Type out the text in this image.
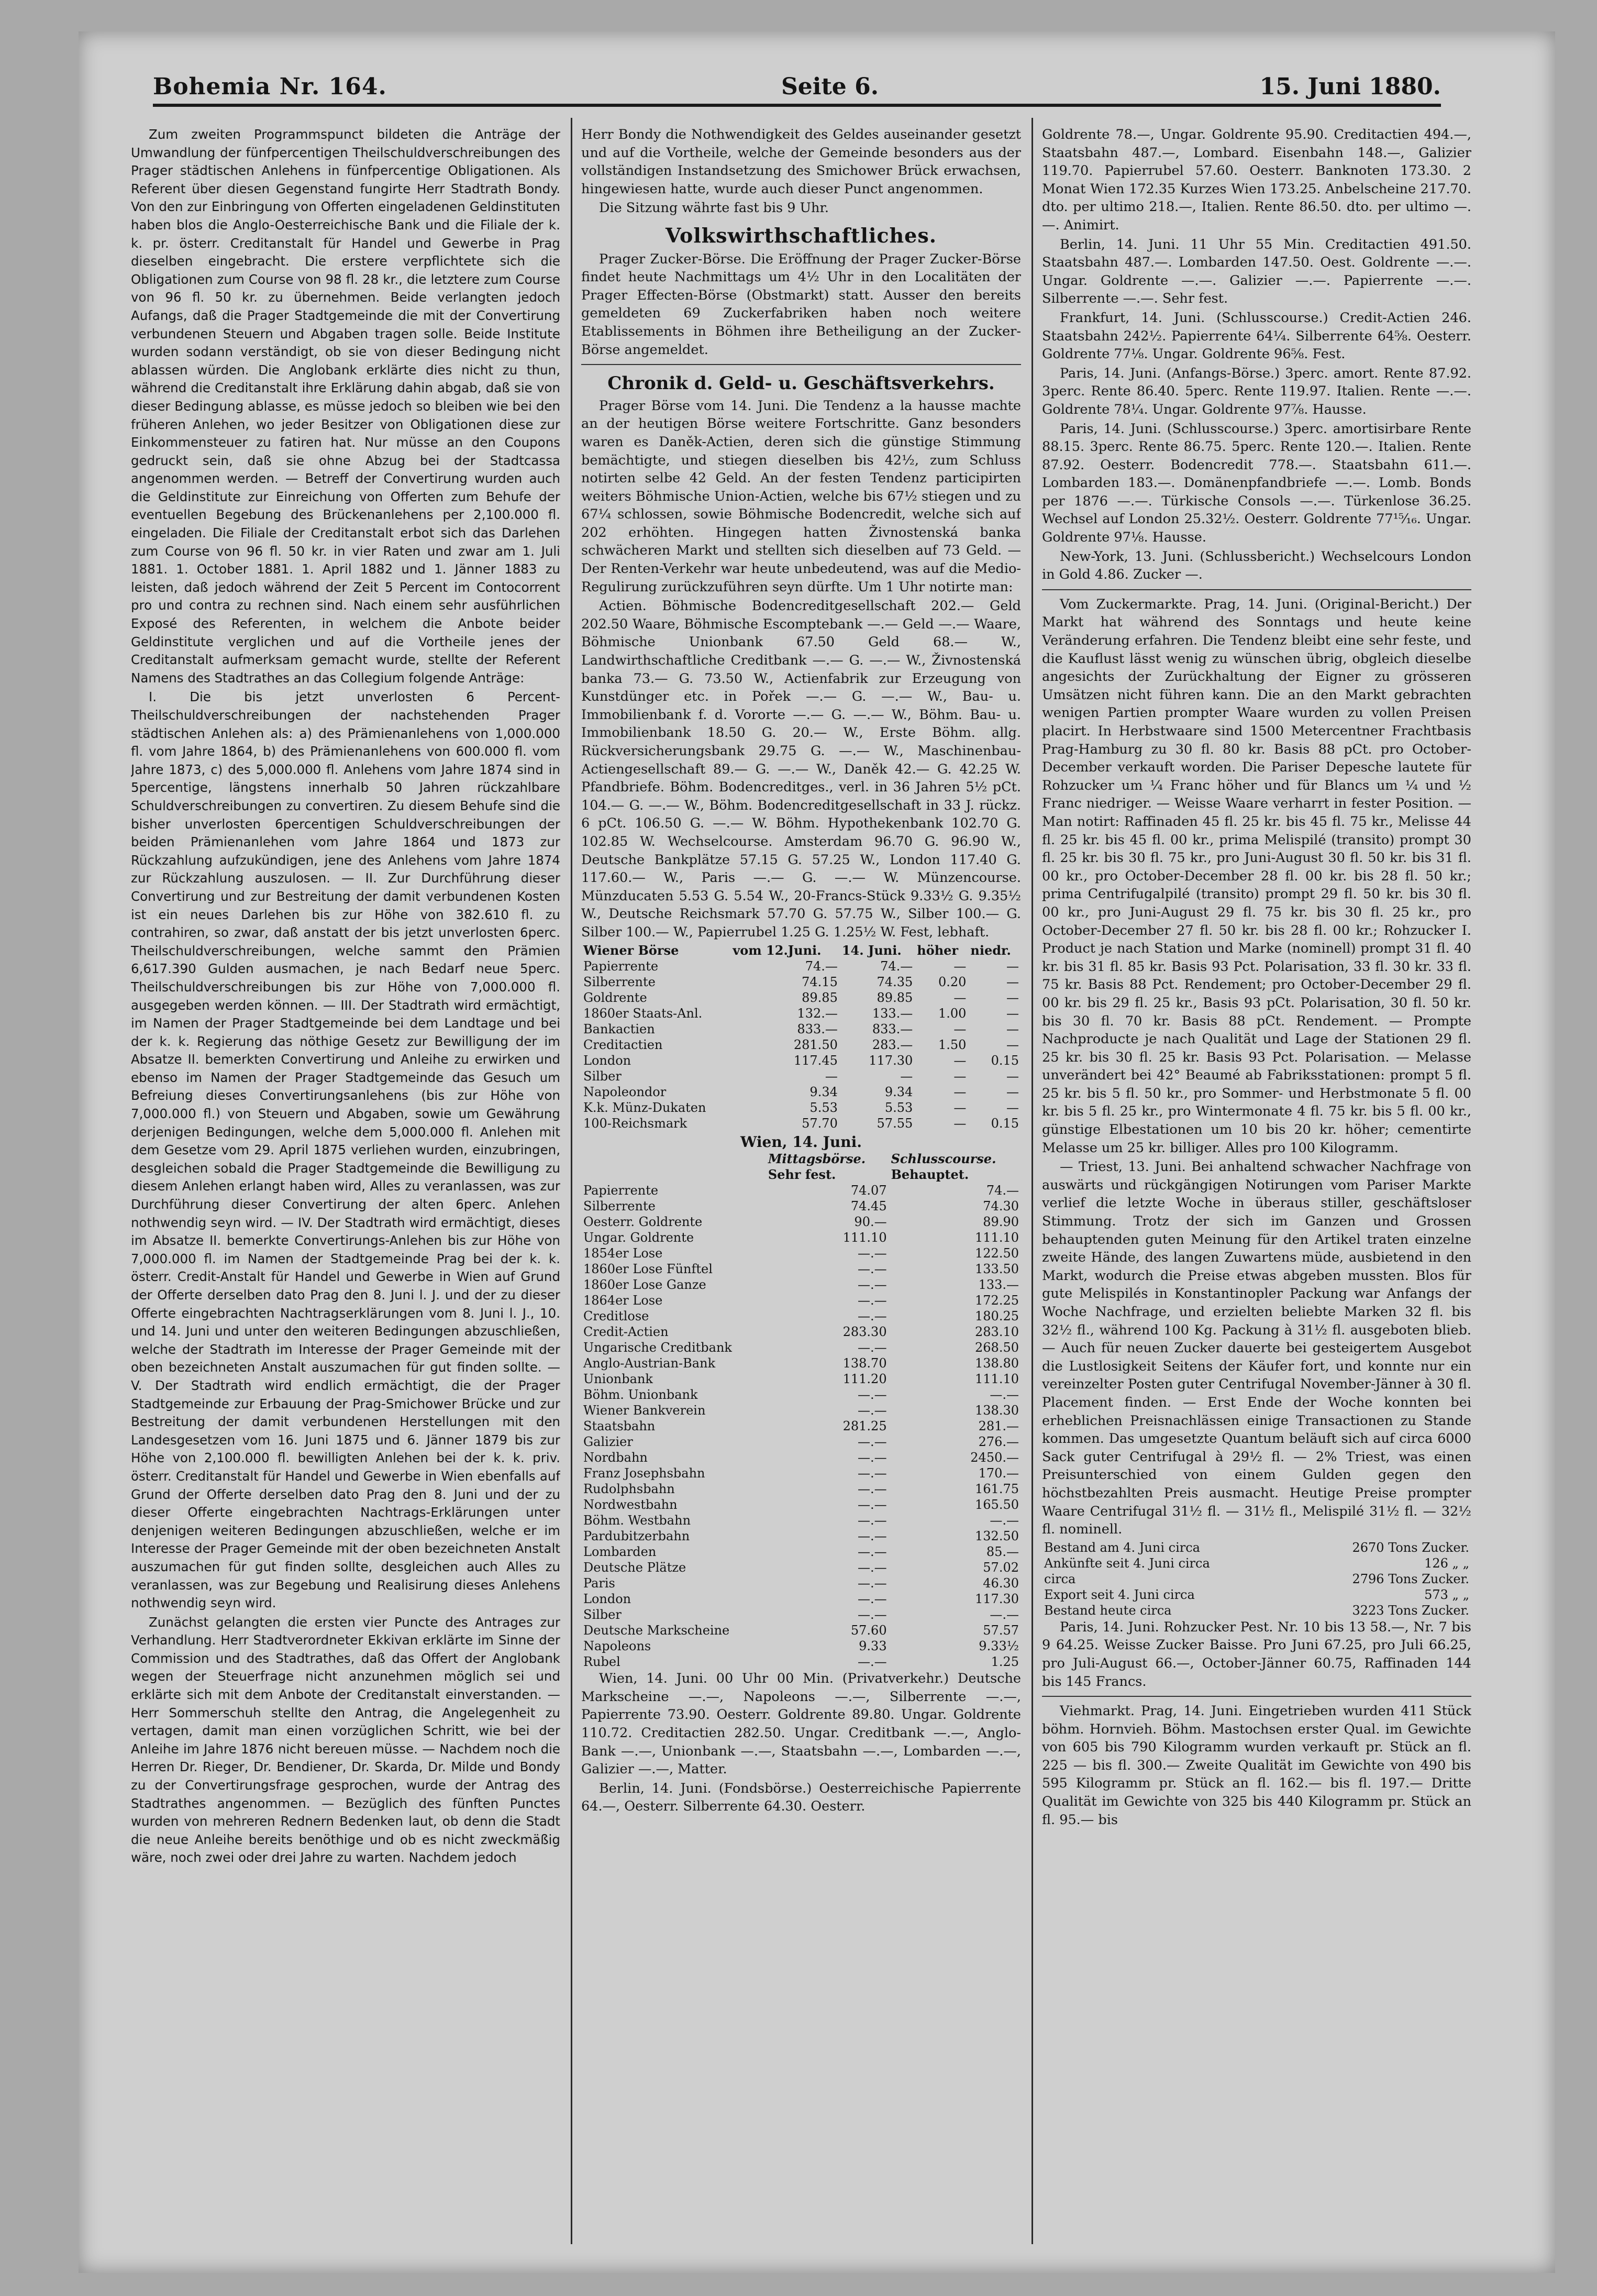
Bohemia Nr. 164.	Seite 6.	15. Juni 1880.

Zum zweiten Programmspunct bildeten die Anträge der Umwandlung der fünfpercentigen Theilschuldverschreibungen des Prager städtischen Anlehens in fünfpercentige Obligationen. Als Referent über diesen Gegenstand fungirte Herr Stadtrath Bondy. Von den zur Einbringung von Offerten eingeladenen Geldinstituten haben blos die Anglo-Oesterreichische Bank und die Filiale der k. k. pr. österr. Creditanstalt für Handel und Gewerbe in Prag dieselben eingebracht. Die erstere verpflichtete sich die Obligationen zum Course von 98 fl. 28 kr., die letztere zum Course von 96 fl. 50 kr. zu übernehmen. Beide verlangten jedoch Aufangs, daß die Prager Stadtgemeinde die mit der Convertirung verbundenen Steuern und Abgaben tragen solle. Beide Institute wurden sodann verständigt, ob sie von dieser Bedingung nicht ablassen würden. Die Anglobank erklärte dies nicht zu thun, während die Creditanstalt ihre Erklärung dahin abgab, daß sie von dieser Bedingung ablasse, es müsse jedoch so bleiben wie bei den früheren Anlehen, wo jeder Besitzer von Obligationen diese zur Einkommensteuer zu fatiren hat. Nur müsse an den Coupons gedruckt sein, daß sie ohne Abzug bei der Stadtcassa angenommen werden. — Betreff der Convertirung wurden auch die Geldinstitute zur Einreichung von Offerten zum Behufe der eventuellen Begebung des Brückenanlehens per 2,100.000 fl. eingeladen. Die Filiale der Creditanstalt erbot sich das Darlehen zum Course von 96 fl. 50 kr. in vier Raten und zwar am 1. Juli 1881. 1. October 1881. 1. April 1882 und 1. Jänner 1883 zu leisten, daß jedoch während der Zeit 5 Percent im Contocorrent pro und contra zu rechnen sind. Nach einem sehr ausführlichen Exposé des Referenten, in welchem die Anbote beider Geldinstitute verglichen und auf die Vortheile jenes der Creditanstalt aufmerksam gemacht wurde, stellte der Referent Namens des Stadtrathes an das Collegium folgende Anträge:

I. Die bis jetzt unverlosten 6 Percent-Theilschuldverschreibungen der nachstehenden Prager städtischen Anlehen als: a) des Prämienanlehens von 1,000.000 fl. vom Jahre 1864, b) des Prämienanlehens von 600.000 fl. vom Jahre 1873, c) des 5,000.000 fl. Anlehens vom Jahre 1874 sind in 5percentige, längstens innerhalb 50 Jahren rückzahlbare Schuldverschreibungen zu convertiren. Zu diesem Behufe sind die bisher unverlosten 6percentigen Schuldverschreibungen der beiden Prämienanlehen vom Jahre 1864 und 1873 zur Rückzahlung aufzukündigen, jene des Anlehens vom Jahre 1874 zur Rückzahlung auszulosen. — II. Zur Durchführung dieser Convertirung und zur Bestreitung der damit verbundenen Kosten ist ein neues Darlehen bis zur Höhe von 382.610 fl. zu contrahiren, so zwar, daß anstatt der bis jetzt unverlosten 6perc. Theilschuldverschreibungen, welche sammt den Prämien 6,617.390 Gulden ausmachen, je nach Bedarf neue 5perc. Theilschuldverschreibungen bis zur Höhe von 7,000.000 fl. ausgegeben werden können. — III. Der Stadtrath wird ermächtigt, im Namen der Prager Stadtgemeinde bei dem Landtage und bei der k. k. Regierung das nöthige Gesetz zur Bewilligung der im Absatze II. bemerkten Convertirung und Anleihe zu erwirken und ebenso im Namen der Prager Stadtgemeinde das Gesuch um Befreiung dieses Convertirungsanlehens (bis zur Höhe von 7,000.000 fl.) von Steuern und Abgaben, sowie um Gewährung derjenigen Bedingungen, welche dem 5,000.000 fl. Anlehen mit dem Gesetze vom 29. April 1875 verliehen wurden, einzubringen, desgleichen sobald die Prager Stadtgemeinde die Bewilligung zu diesem Anlehen erlangt haben wird, Alles zu veranlassen, was zur Durchführung dieser Convertirung der alten 6perc. Anlehen nothwendig seyn wird. — IV. Der Stadtrath wird ermächtigt, dieses im Absatze II. bemerkte Convertirungs-Anlehen bis zur Höhe von 7,000.000 fl. im Namen der Stadtgemeinde Prag bei der k. k. österr. Credit-Anstalt für Handel und Gewerbe in Wien auf Grund der Offerte derselben dato Prag den 8. Juni l. J. und der zu dieser Offerte eingebrachten Nachtragserklärungen vom 8. Juni l. J., 10. und 14. Juni und unter den weiteren Bedingungen abzuschließen, welche der Stadtrath im Interesse der Prager Gemeinde mit der oben bezeichneten Anstalt auszumachen für gut finden sollte. — V. Der Stadtrath wird endlich ermächtigt, die der Prager Stadtgemeinde zur Erbauung der Prag-Smichower Brücke und zur Bestreitung der damit verbundenen Herstellungen mit den Landesgesetzen vom 16. Juni 1875 und 6. Jänner 1879 bis zur Höhe von 2,100.000 fl. bewilligten Anlehen bei der k. k. priv. österr. Creditanstalt für Handel und Gewerbe in Wien ebenfalls auf Grund der Offerte derselben dato Prag den 8. Juni und der zu dieser Offerte eingebrachten Nachtrags-Erklärungen unter denjenigen weiteren Bedingungen abzuschließen, welche er im Interesse der Prager Gemeinde mit der oben bezeichneten Anstalt auszumachen für gut finden sollte, desgleichen auch Alles zu veranlassen, was zur Begebung und Realisirung dieses Anlehens nothwendig seyn wird.

Zunächst gelangten die ersten vier Puncte des Antrages zur Verhandlung. Herr Stadtverordneter Ekkivan erklärte im Sinne der Commission und des Stadtrathes, daß das Offert der Anglobank wegen der Steuerfrage nicht anzunehmen möglich sei und erklärte sich mit dem Anbote der Creditanstalt einverstanden. — Herr Sommerschuh stellte den Antrag, die Angelegenheit zu vertagen, damit man einen vorzüglichen Schritt, wie bei der Anleihe im Jahre 1876 nicht bereuen müsse. — Nachdem noch die Herren Dr. Rieger, Dr. Bendiener, Dr. Skarda, Dr. Milde und Bondy zu der Convertirungsfrage gesprochen, wurde der Antrag des Stadtrathes angenommen. — Bezüglich des fünften Punctes wurden von mehreren Rednern Bedenken laut, ob denn die Stadt die neue Anleihe bereits benöthige und ob es nicht zweckmäßig wäre, noch zwei oder drei Jahre zu warten. Nachdem jedoch

Herr Bondy die Nothwendigkeit des Geldes auseinander gesetzt und auf die Vortheile, welche der Gemeinde besonders aus der vollständigen Instandsetzung des Smichower Brück erwachsen, hingewiesen hatte, wurde auch dieser Punct angenommen.

Die Sitzung währte fast bis 9 Uhr.

Volkswirthschaftliches.

Prager Zucker-Börse. Die Eröffnung der Prager Zucker-Börse findet heute Nachmittags um 4½ Uhr in den Localitäten der Prager Effecten-Börse (Obstmarkt) statt. Ausser den bereits gemeldeten 69 Zuckerfabriken haben noch weitere Etablissements in Böhmen ihre Betheiligung an der Zucker-Börse angemeldet.

Chronik d. Geld- u. Geschäftsverkehrs.

Prager Börse vom 14. Juni. Die Tendenz a la hausse machte an der heutigen Börse weitere Fortschritte. Ganz besonders waren es Daněk-Actien, deren sich die günstige Stimmung bemächtigte, und stiegen dieselben bis 42½, zum Schluss notirten selbe 42 Geld. An der festen Tendenz participirten weiters Böhmische Union-Actien, welche bis 67½ stiegen und zu 67¼ schlossen, sowie Böhmische Bodencredit, welche sich auf 202 erhöhten. Hingegen hatten Živnostenská banka schwächeren Markt und stellten sich dieselben auf 73 Geld. — Der Renten-Verkehr war heute unbedeutend, was auf die Medio-Regulirung zurückzuführen seyn dürfte. Um 1 Uhr notirte man:

Actien. Böhmische Bodencreditgesellschaft 202.— Geld 202.50 Waare, Böhmische Escomptebank —.— Geld —.— Waare, Böhmische Unionbank 67.50 Geld 68.— W., Landwirthschaftliche Creditbank —.— G. —.— W., Živnostenská banka 73.— G. 73.50 W., Actienfabrik zur Erzeugung von Kunstdünger etc. in Pořek —.— G. —.— W., Bau- u. Immobilienbank f. d. Vororte —.— G. —.— W., Böhm. Bau- u. Immobilienbank 18.50 G. 20.— W., Erste Böhm. allg. Rückversicherungsbank 29.75 G. —.— W., Maschinenbau-Actiengesellschaft 89.— G. —.— W., Daněk 42.— G. 42.25 W. Pfandbriefe. Böhm. Bodencreditges., verl. in 36 Jahren 5½ pCt. 104.— G. —.— W., Böhm. Bodencreditgesellschaft in 33 J. rückz. 6 pCt. 106.50 G. —.— W. Böhm. Hypothekenbank 102.70 G. 102.85 W. Wechselcourse. Amsterdam 96.70 G. 96.90 W., Deutsche Bankplätze 57.15 G. 57.25 W., London 117.40 G. 117.60.— W., Paris —.— G. —.— W. Münzencourse. Münzducaten 5.53 G. 5.54 W., 20-Francs-Stück 9.33½ G. 9.35½ W., Deutsche Reichsmark 57.70 G. 57.75 W., Silber 100.— G. Silber 100.— W., Papierrubel 1.25 G. 1.25½ W. Fest, lebhaft.

Wiener Börse	vom 12.Juni.	14. Juni.	höher	niedr.
Papierrente	74.—	74.—	—	—
Silberrente	74.15	74.35	0.20	—
Goldrente	89.85	89.85	—	—
1860er Staats-Anl.	132.—	133.—	1.00	—
Bankactien	833.—	833.—	—	—
Creditactien	281.50	283.—	1.50	—
London	117.45	117.30	—	0.15
Silber	—	—	—	—
Napoleondor	9.34	9.34	—	—
K.k. Münz-Dukaten	5.53	5.53	—	—
100-Reichsmark	57.70	57.55	—	0.15
Wien, 14. Juni.
	Mittagsbörse.	Schlusscourse.
	Sehr fest.	Behauptet.
Papierrente	74.07	74.—
Silberrente	74.45	74.30
Oesterr. Goldrente	90.—	89.90
Ungar. Goldrente	111.10	111.10
1854er Lose	—.—	122.50
1860er Lose Fünftel	—.—	133.50
1860er Lose Ganze	—.—	133.—
1864er Lose	—.—	172.25
Creditlose	—.—	180.25
Credit-Actien	283.30	283.10
Ungarische Creditbank	—.—	268.50
Anglo-Austrian-Bank	138.70	138.80
Unionbank	111.20	111.10
Böhm. Unionbank	—.—	—.—
Wiener Bankverein	—.—	138.30
Staatsbahn	281.25	281.—
Galizier	—.—	276.—
Nordbahn	—.—	2450.—
Franz Josephsbahn	—.—	170.—
Rudolphsbahn	—.—	161.75
Nordwestbahn	—.—	165.50
Böhm. Westbahn	—.—	—.—
Pardubitzerbahn	—.—	132.50
Lombarden	—.—	85.—
Deutsche Plätze	—.—	57.02
Paris	—.—	46.30
London	—.—	117.30
Silber	—.—	—.—
Deutsche Markscheine	57.60	57.57
Napoleons	9.33	9.33½
Rubel	—.—	1.25

Wien, 14. Juni. 00 Uhr 00 Min. (Privatverkehr.) Deutsche Markscheine —.—, Napoleons —.—, Silberrente —.—, Papierrente 73.90. Oesterr. Goldrente 89.80. Ungar. Goldrente 110.72. Creditactien 282.50. Ungar. Creditbank —.—, Anglo-Bank —.—, Unionbank —.—, Staatsbahn —.—, Lombarden —.—, Galizier —.—, Matter.

Berlin, 14. Juni. (Fondsbörse.) Oesterreichische Papierrente 64.—, Oesterr. Silberrente 64.30. Oesterr.

Goldrente 78.—, Ungar. Goldrente 95.90. Creditactien 494.—, Staatsbahn 487.—, Lombard. Eisenbahn 148.—, Galizier 119.70. Papierrubel 57.60. Oesterr. Banknoten 173.30. 2 Monat Wien 172.35 Kurzes Wien 173.25. Anbelscheine 217.70. dto. per ultimo 218.—, Italien. Rente 86.50. dto. per ultimo —.—. Animirt.

Berlin, 14. Juni. 11 Uhr 55 Min. Creditactien 491.50. Staatsbahn 487.—. Lombarden 147.50. Oest. Goldrente —.—. Ungar. Goldrente —.—. Galizier —.—. Papierrente —.—. Silberrente —.—. Sehr fest.

Frankfurt, 14. Juni. (Schlusscourse.) Credit-Actien 246. Staatsbahn 242½. Papierrente 64¼. Silberrente 64⅝. Oesterr. Goldrente 77⅛. Ungar. Goldrente 96⅝. Fest.

Paris, 14. Juni. (Anfangs-Börse.) 3perc. amort. Rente 87.92. 3perc. Rente 86.40. 5perc. Rente 119.97. Italien. Rente —.—. Goldrente 78¼. Ungar. Goldrente 97⅞. Hausse.

Paris, 14. Juni. (Schlusscourse.) 3perc. amortisirbare Rente 88.15. 3perc. Rente 86.75. 5perc. Rente 120.—. Italien. Rente 87.92. Oesterr. Bodencredit 778.—. Staatsbahn 611.—. Lombarden 183.—. Domänenpfandbriefe —.—. Lomb. Bonds per 1876 —.—. Türkische Consols —.—. Türkenlose 36.25. Wechsel auf London 25.32½. Oesterr. Goldrente 77¹⁵⁄₁₆. Ungar. Goldrente 97⅛. Hausse.

New-York, 13. Juni. (Schlussbericht.) Wechselcours London in Gold 4.86. Zucker —.

Vom Zuckermarkte. Prag, 14. Juni. (Original-Bericht.) Der Markt hat während des Sonntags und heute keine Veränderung erfahren. Die Tendenz bleibt eine sehr feste, und die Kauflust lässt wenig zu wünschen übrig, obgleich dieselbe angesichts der Zurückhaltung der Eigner zu grösseren Umsätzen nicht führen kann. Die an den Markt gebrachten wenigen Partien prompter Waare wurden zu vollen Preisen placirt. In Herbstwaare sind 1500 Metercentner Frachtbasis Prag-Hamburg zu 30 fl. 80 kr. Basis 88 pCt. pro October-December verkauft worden. Die Pariser Depesche lautete für Rohzucker um ¼ Franc höher und für Blancs um ¼ und ½ Franc niedriger. — Weisse Waare verharrt in fester Position. — Man notirt: Raffinaden 45 fl. 25 kr. bis 45 fl. 75 kr., Melisse 44 fl. 25 kr. bis 45 fl. 00 kr., prima Melispilé (transito) prompt 30 fl. 25 kr. bis 30 fl. 75 kr., pro Juni-August 30 fl. 50 kr. bis 31 fl. 00 kr., pro October-December 28 fl. 00 kr. bis 28 fl. 50 kr.; prima Centrifugalpilé (transito) prompt 29 fl. 50 kr. bis 30 fl. 00 kr., pro Juni-August 29 fl. 75 kr. bis 30 fl. 25 kr., pro October-December 27 fl. 50 kr. bis 28 fl. 00 kr.; Rohzucker I. Product je nach Station und Marke (nominell) prompt 31 fl. 40 kr. bis 31 fl. 85 kr. Basis 93 Pct. Polarisation, 33 fl. 30 kr. 33 fl. 75 kr. Basis 88 Pct. Rendement; pro October-December 29 fl. 00 kr. bis 29 fl. 25 kr., Basis 93 pCt. Polarisation, 30 fl. 50 kr. bis 30 fl. 70 kr. Basis 88 pCt. Rendement. — Prompte Nachproducte je nach Qualität und Lage der Stationen 29 fl. 25 kr. bis 30 fl. 25 kr. Basis 93 Pct. Polarisation. — Melasse unverändert bei 42° Beaumé ab Fabriksstationen: prompt 5 fl. 25 kr. bis 5 fl. 50 kr., pro Sommer- und Herbstmonate 5 fl. 00 kr. bis 5 fl. 25 kr., pro Wintermonate 4 fl. 75 kr. bis 5 fl. 00 kr., günstige Elbestationen um 10 bis 20 kr. höher; cementirte Melasse um 25 kr. billiger. Alles pro 100 Kilogramm.

— Triest, 13. Juni. Bei anhaltend schwacher Nachfrage von auswärts und rückgängigen Notirungen vom Pariser Markte verlief die letzte Woche in überaus stiller, geschäftsloser Stimmung. Trotz der sich im Ganzen und Grossen behauptenden guten Meinung für den Artikel traten einzelne zweite Hände, des langen Zuwartens müde, ausbietend in den Markt, wodurch die Preise etwas abgeben mussten. Blos für gute Melispilés in Konstantinopler Packung war Anfangs der Woche Nachfrage, und erzielten beliebte Marken 32 fl. bis 32½ fl., während 100 Kg. Packung à 31½ fl. ausgeboten blieb. — Auch für neuen Zucker dauerte bei gesteigertem Ausgebot die Lustlosigkeit Seitens der Käufer fort, und konnte nur ein vereinzelter Posten guter Centrifugal November-Jänner à 30 fl. Placement finden. — Erst Ende der Woche konnten bei erheblichen Preisnachlässen einige Transactionen zu Stande kommen. Das umgesetzte Quantum beläuft sich auf circa 6000 Sack guter Centrifugal à 29½ fl. — 2% Triest, was einen Preisunterschied von einem Gulden gegen den höchstbezahlten Preis ausmacht. Heutige Preise prompter Waare Centrifugal 31½ fl. — 31½ fl., Melispilé 31½ fl. — 32½ fl. nominell.

Bestand am 4. Juni circa	2670 Tons Zucker.
Ankünfte seit 4. Juni circa	126 „ „
circa	2796 Tons Zucker.
Export seit 4. Juni circa	573 „ „
Bestand heute circa	3223 Tons Zucker.

Paris, 14. Juni. Rohzucker Pest. Nr. 10 bis 13 58.—, Nr. 7 bis 9 64.25. Weisse Zucker Baisse. Pro Juni 67.25, pro Juli 66.25, pro Juli-August 66.—, October-Jänner 60.75, Raffinaden 144 bis 145 Francs.

Viehmarkt. Prag, 14. Juni. Eingetrieben wurden 411 Stück böhm. Hornvieh. Böhm. Mastochsen erster Qual. im Gewichte von 605 bis 790 Kilogramm wurden verkauft pr. Stück an fl. 225 — bis fl. 300.— Zweite Qualität im Gewichte von 490 bis 595 Kilogramm pr. Stück an fl. 162.— bis fl. 197.— Dritte Qualität im Gewichte von 325 bis 440 Kilogramm pr. Stück an fl. 95.— bis
